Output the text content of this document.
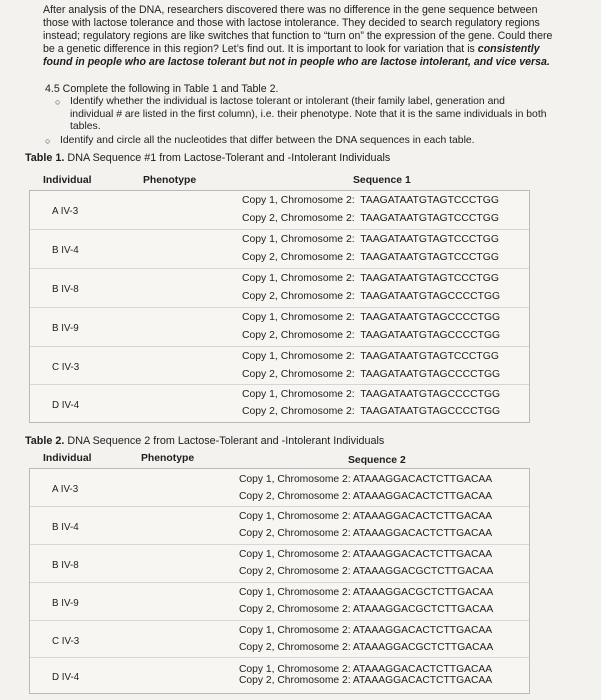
After analysis of the DNA, researchers discovered there was no difference in the gene sequence between those with lactose tolerance and those with lactose intolerance. They decided to search regulatory regions instead; regulatory regions are like switches that function to “turn on” the expression of the gene. Could there be a genetic difference in this region? Let’s find out. It is important to look for variation that is consistently found in people who are lactose tolerant but not in people who are lactose intolerant, and vice versa.

4.5 Complete the following in Table 1 and Table 2.
○ Identify whether the individual is lactose tolerant or intolerant (their family label, generation and individual # are listed in the first column), i.e. their phenotype. Note that it is the same individuals in both tables.
○ Identify and circle all the nucleotides that differ between the DNA sequences in each table.
Table 1. DNA Sequence #1 from Lactose-Tolerant and -Intolerant Individuals
Individual	Phenotype	Sequence 1
A IV-3
Copy 1, Chromosome 2: TAAGATAATGTAGTCCCTGG
Copy 2, Chromosome 2: TAAGATAATGTAGTCCCTGG
B IV-4
Copy 1, Chromosome 2: TAAGATAATGTAGTCCCTGG
Copy 2, Chromosome 2: TAAGATAATGTAGTCCCTGG
B IV-8
Copy 1, Chromosome 2: TAAGATAATGTAGTCCCTGG
Copy 2, Chromosome 2: TAAGATAATGTAGCCCCTGG
B IV-9
Copy 1, Chromosome 2: TAAGATAATGTAGCCCCTGG
Copy 2, Chromosome 2: TAAGATAATGTAGCCCCTGG
C IV-3
Copy 1, Chromosome 2: TAAGATAATGTAGTCCCTGG
Copy 2, Chromosome 2: TAAGATAATGTAGCCCCTGG
D IV-4
Copy 1, Chromosome 2: TAAGATAATGTAGCCCCTGG
Copy 2, Chromosome 2: TAAGATAATGTAGCCCCTGG
Table 2. DNA Sequence 2 from Lactose-Tolerant and -Intolerant Individuals
Individual	Phenotype	Sequence 2
A IV-3
Copy 1, Chromosome 2: ATAAAGGACACTCTTGACAA
Copy 2, Chromosome 2: ATAAAGGACACTCTTGACAA
B IV-4
Copy 1, Chromosome 2: ATAAAGGACACTCTTGACAA
Copy 2, Chromosome 2: ATAAAGGACACTCTTGACAA
B IV-8
Copy 1, Chromosome 2: ATAAAGGACACTCTTGACAA
Copy 2, Chromosome 2: ATAAAGGACGCTCTTGACAA
B IV-9
Copy 1, Chromosome 2: ATAAAGGACGCTCTTGACAA
Copy 2, Chromosome 2: ATAAAGGACGCTCTTGACAA
C IV-3
Copy 1, Chromosome 2: ATAAAGGACACTCTTGACAA
Copy 2, Chromosome 2: ATAAAGGACGCTCTTGACAA
D IV-4
Copy 1, Chromosome 2: ATAAAGGACACTCTTGACAA
Copy 2, Chromosome 2: ATAAAGGACACTCTTGACAA
